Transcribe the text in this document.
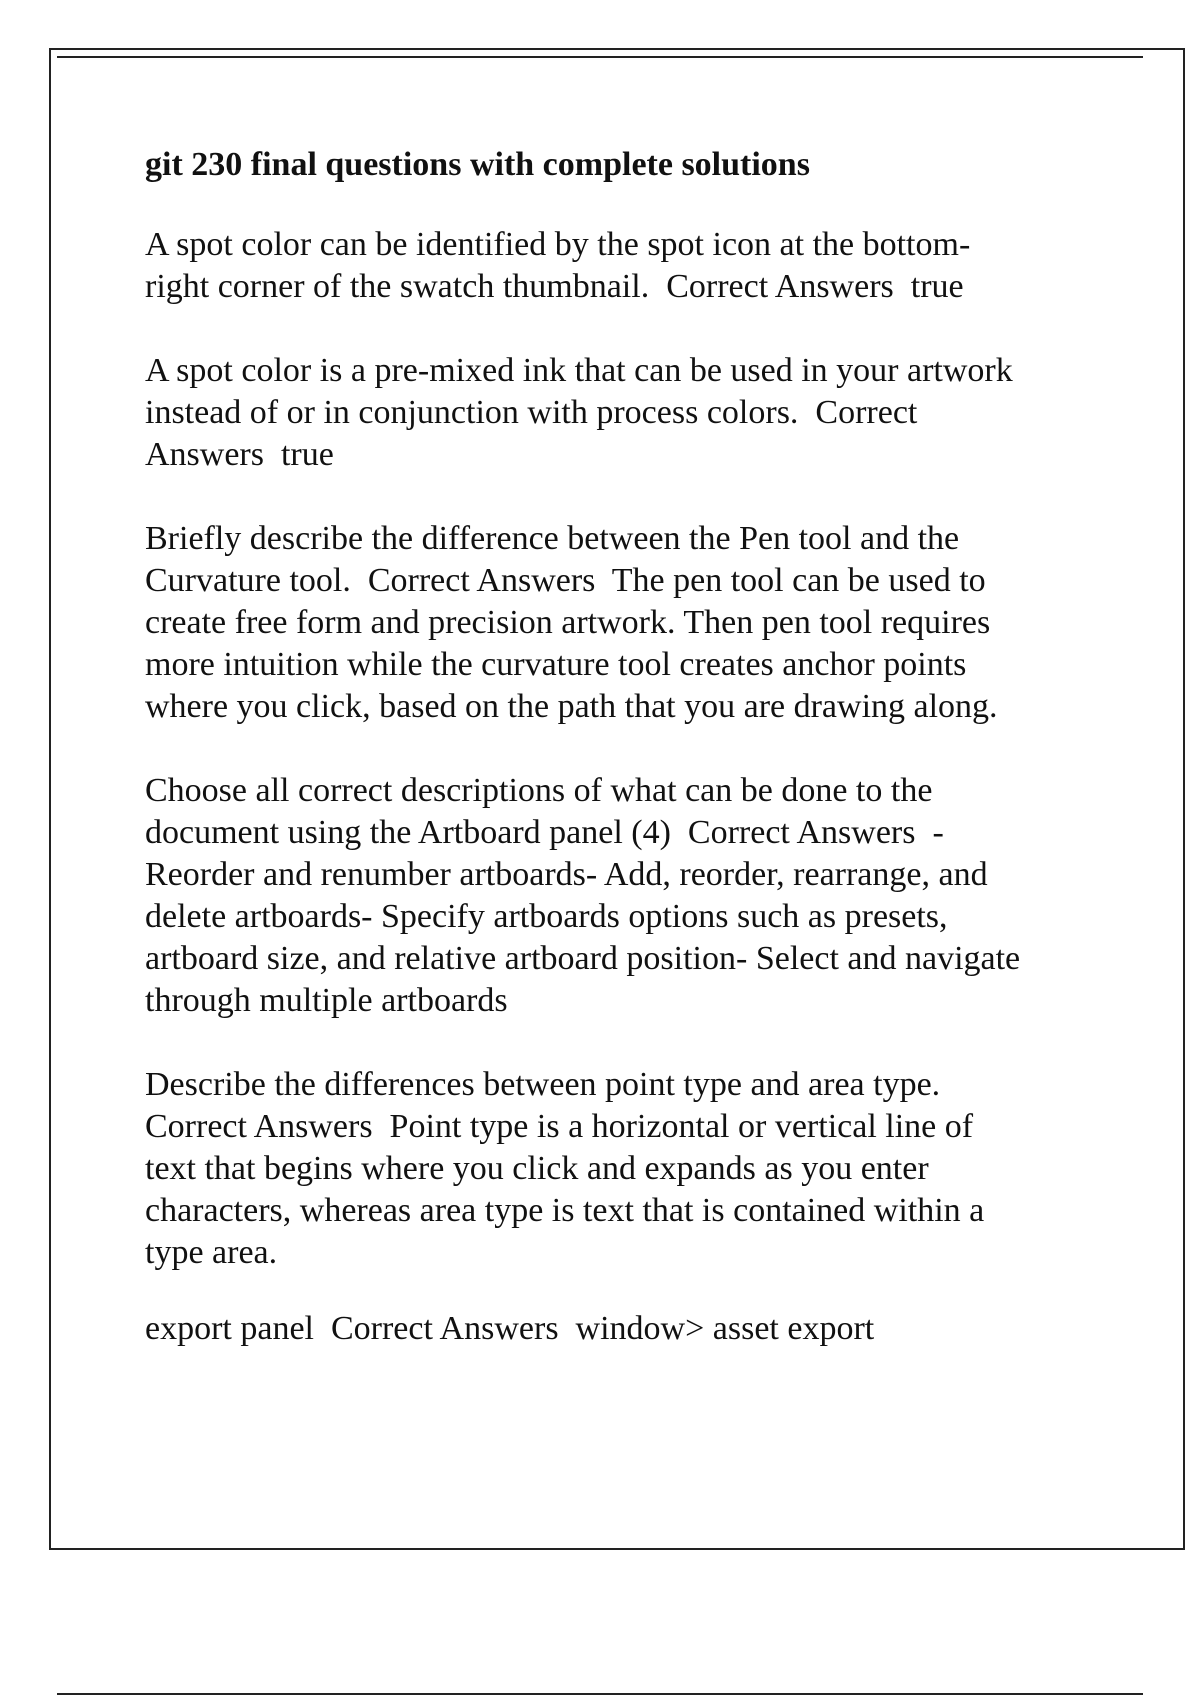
git 230 final questions with complete solutions
A spot color can be identified by the spot icon at the bottom-
right corner of the swatch thumbnail.  Correct Answers  true
A spot color is a pre-mixed ink that can be used in your artwork
instead of or in conjunction with process colors.  Correct
Answers  true
Briefly describe the difference between the Pen tool and the
Curvature tool.  Correct Answers  The pen tool can be used to
create free form and precision artwork. Then pen tool requires
more intuition while the curvature tool creates anchor points
where you click, based on the path that you are drawing along.
Choose all correct descriptions of what can be done to the
document using the Artboard panel (4)  Correct Answers  -
Reorder and renumber artboards- Add, reorder, rearrange, and
delete artboards- Specify artboards options such as presets,
artboard size, and relative artboard position- Select and navigate
through multiple artboards
Describe the differences between point type and area type.
Correct Answers  Point type is a horizontal or vertical line of
text that begins where you click and expands as you enter
characters, whereas area type is text that is contained within a
type area.
export panel  Correct Answers  window> asset export
